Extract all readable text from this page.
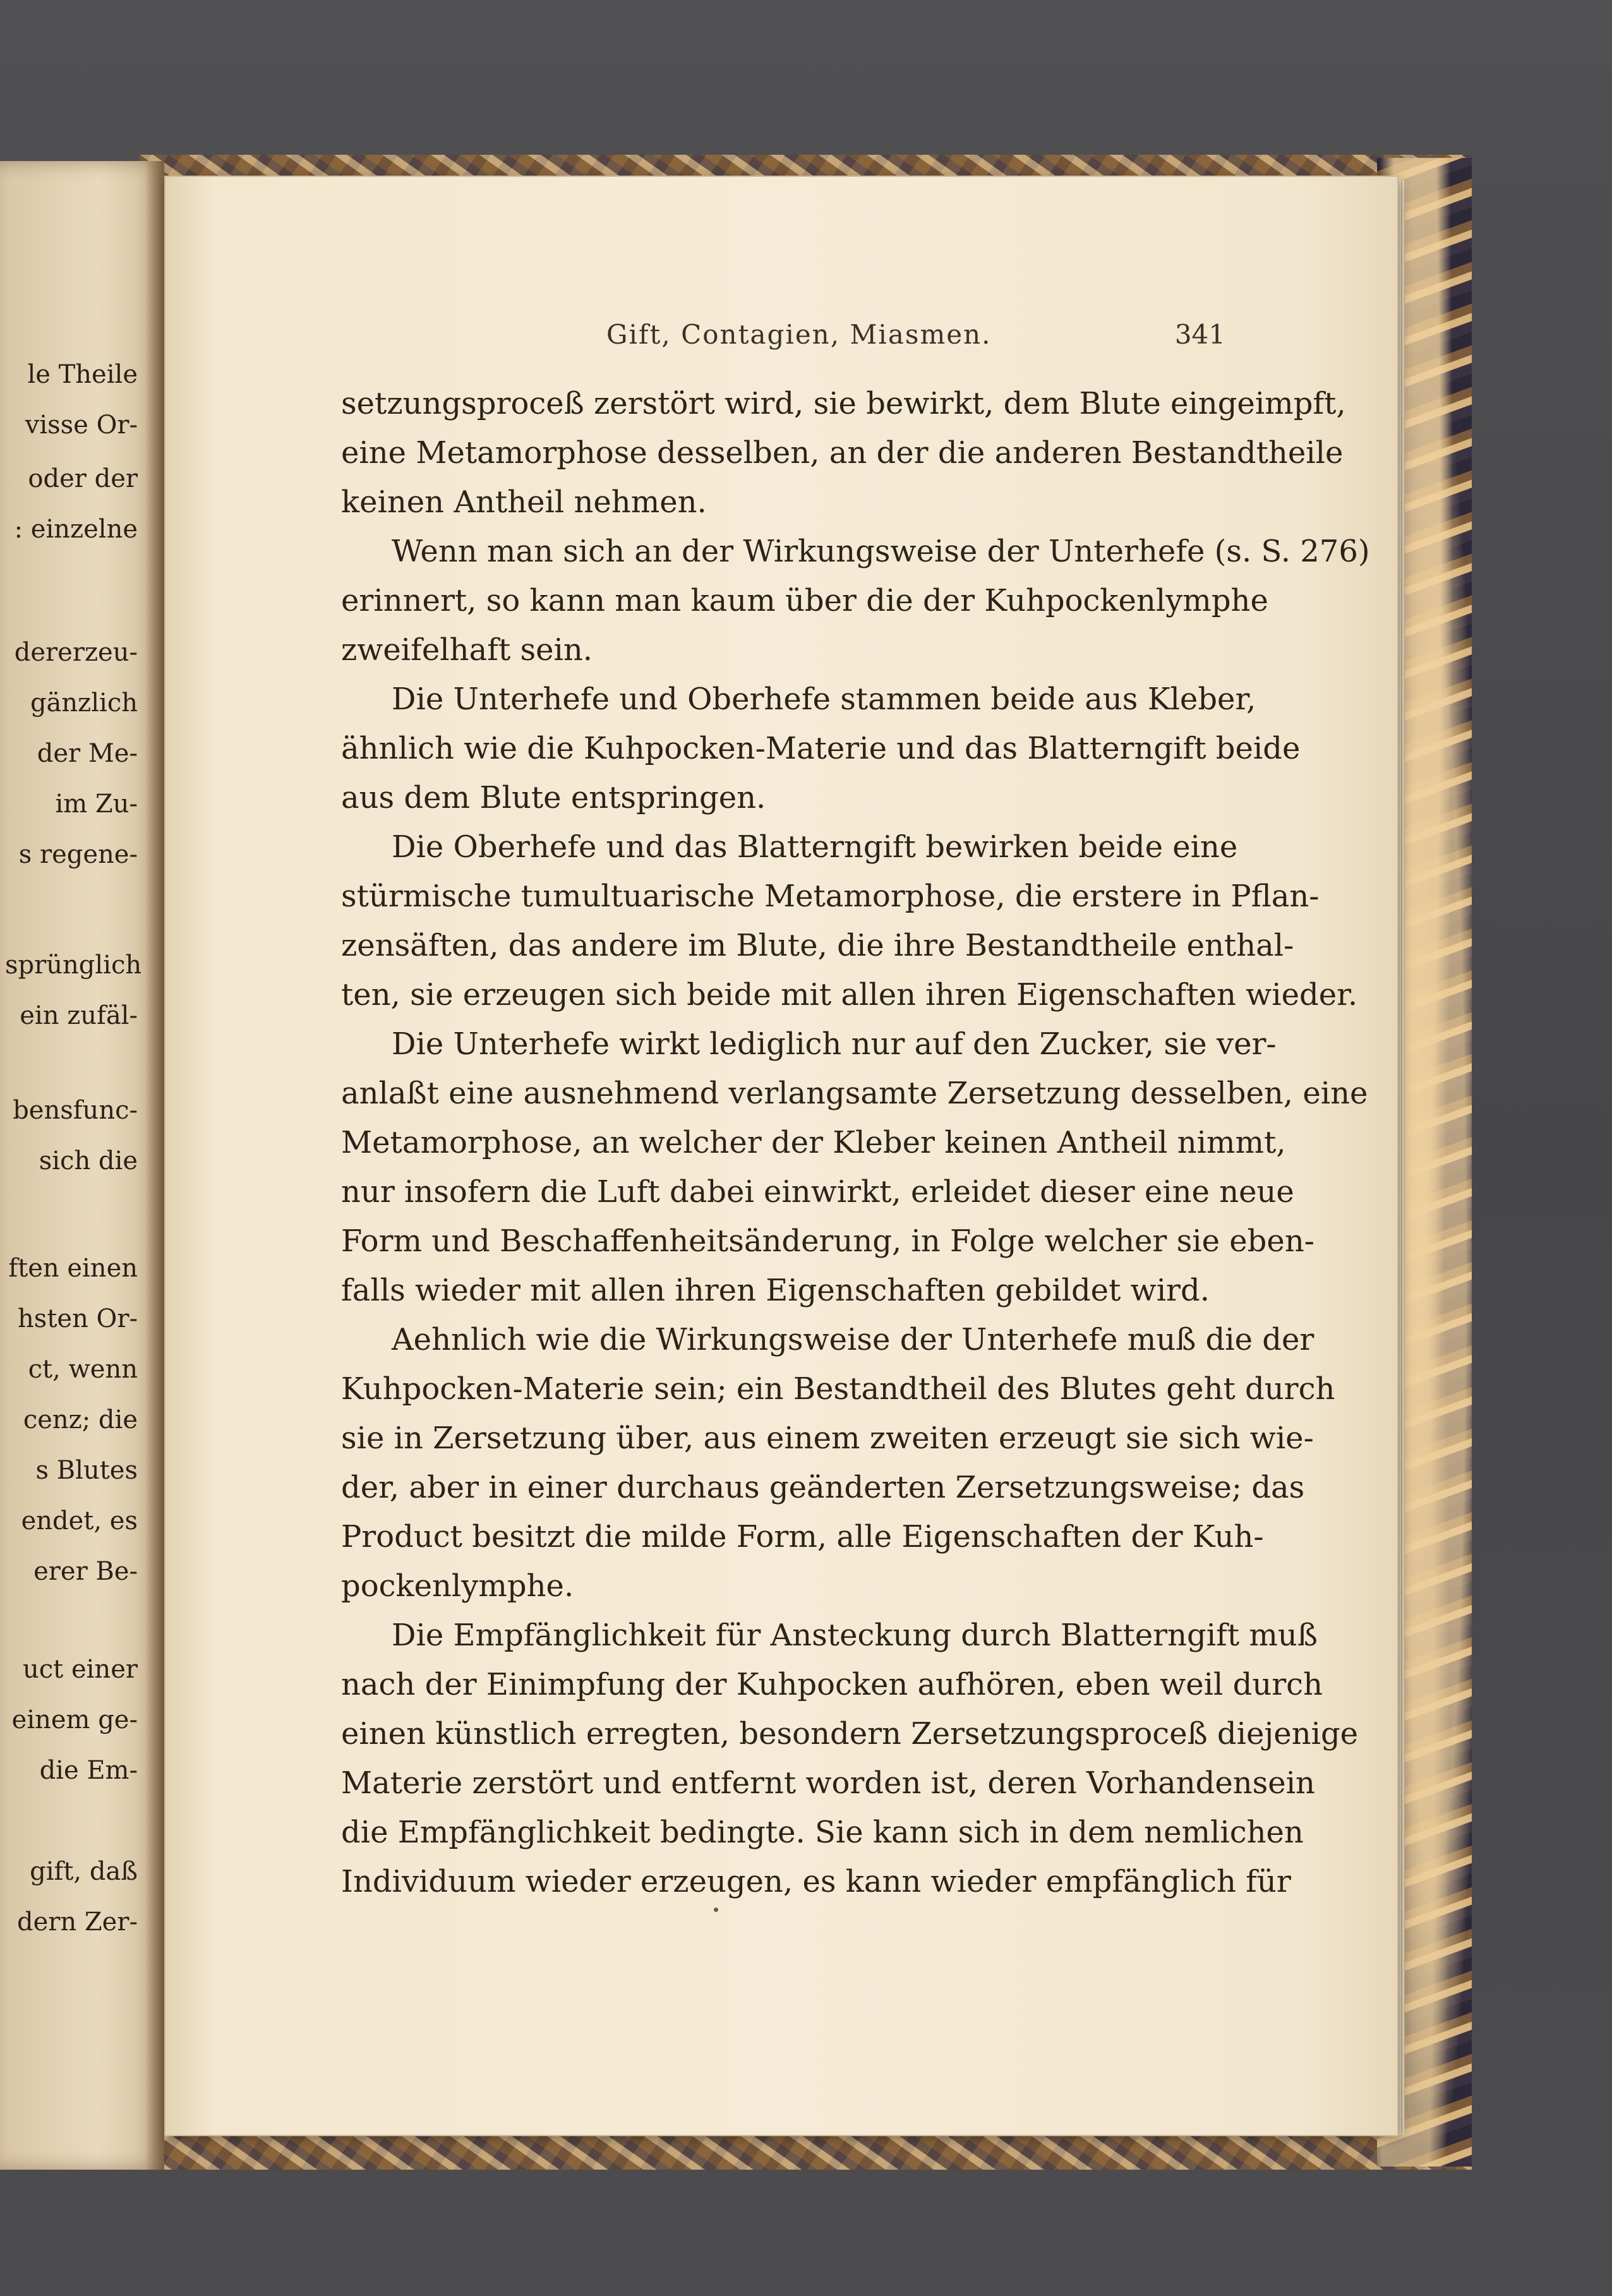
le Theile
visse Or-
oder der
: einzelne
dererzeu-
gänzlich
der Me-
im Zu-
s regene-
sprünglich
ein zufäl-
bensfunc-
sich die
ften einen
hsten Or-
ct, wenn
cenz; die
s Blutes
endet, es
erer Be-
uct einer
einem ge-
die Em-
gift, daß
dern Zer-
Gift, Contagien, Miasmen.	341
setzungsproceß zerstört wird, sie bewirkt, dem Blute eingeimpft,
eine Metamorphose desselben, an der die anderen Bestandtheile
keinen Antheil nehmen.
Wenn man sich an der Wirkungsweise der Unterhefe (s. S. 276)
erinnert, so kann man kaum über die der Kuhpockenlymphe
zweifelhaft sein.
Die Unterhefe und Oberhefe stammen beide aus Kleber,
ähnlich wie die Kuhpocken-Materie und das Blatterngift beide
aus dem Blute entspringen.
Die Oberhefe und das Blatterngift bewirken beide eine
stürmische tumultuarische Metamorphose, die erstere in Pflan-
zensäften, das andere im Blute, die ihre Bestandtheile enthal-
ten, sie erzeugen sich beide mit allen ihren Eigenschaften wieder.
Die Unterhefe wirkt lediglich nur auf den Zucker, sie ver-
anlaßt eine ausnehmend verlangsamte Zersetzung desselben, eine
Metamorphose, an welcher der Kleber keinen Antheil nimmt,
nur insofern die Luft dabei einwirkt, erleidet dieser eine neue
Form und Beschaffenheitsänderung, in Folge welcher sie eben-
falls wieder mit allen ihren Eigenschaften gebildet wird.
Aehnlich wie die Wirkungsweise der Unterhefe muß die der
Kuhpocken-Materie sein; ein Bestandtheil des Blutes geht durch
sie in Zersetzung über, aus einem zweiten erzeugt sie sich wie-
der, aber in einer durchaus geänderten Zersetzungsweise; das
Product besitzt die milde Form, alle Eigenschaften der Kuh-
pockenlymphe.
Die Empfänglichkeit für Ansteckung durch Blatterngift muß
nach der Einimpfung der Kuhpocken aufhören, eben weil durch
einen künstlich erregten, besondern Zersetzungsproceß diejenige
Materie zerstört und entfernt worden ist, deren Vorhandensein
die Empfänglichkeit bedingte. Sie kann sich in dem nemlichen
Individuum wieder erzeugen, es kann wieder empfänglich für
